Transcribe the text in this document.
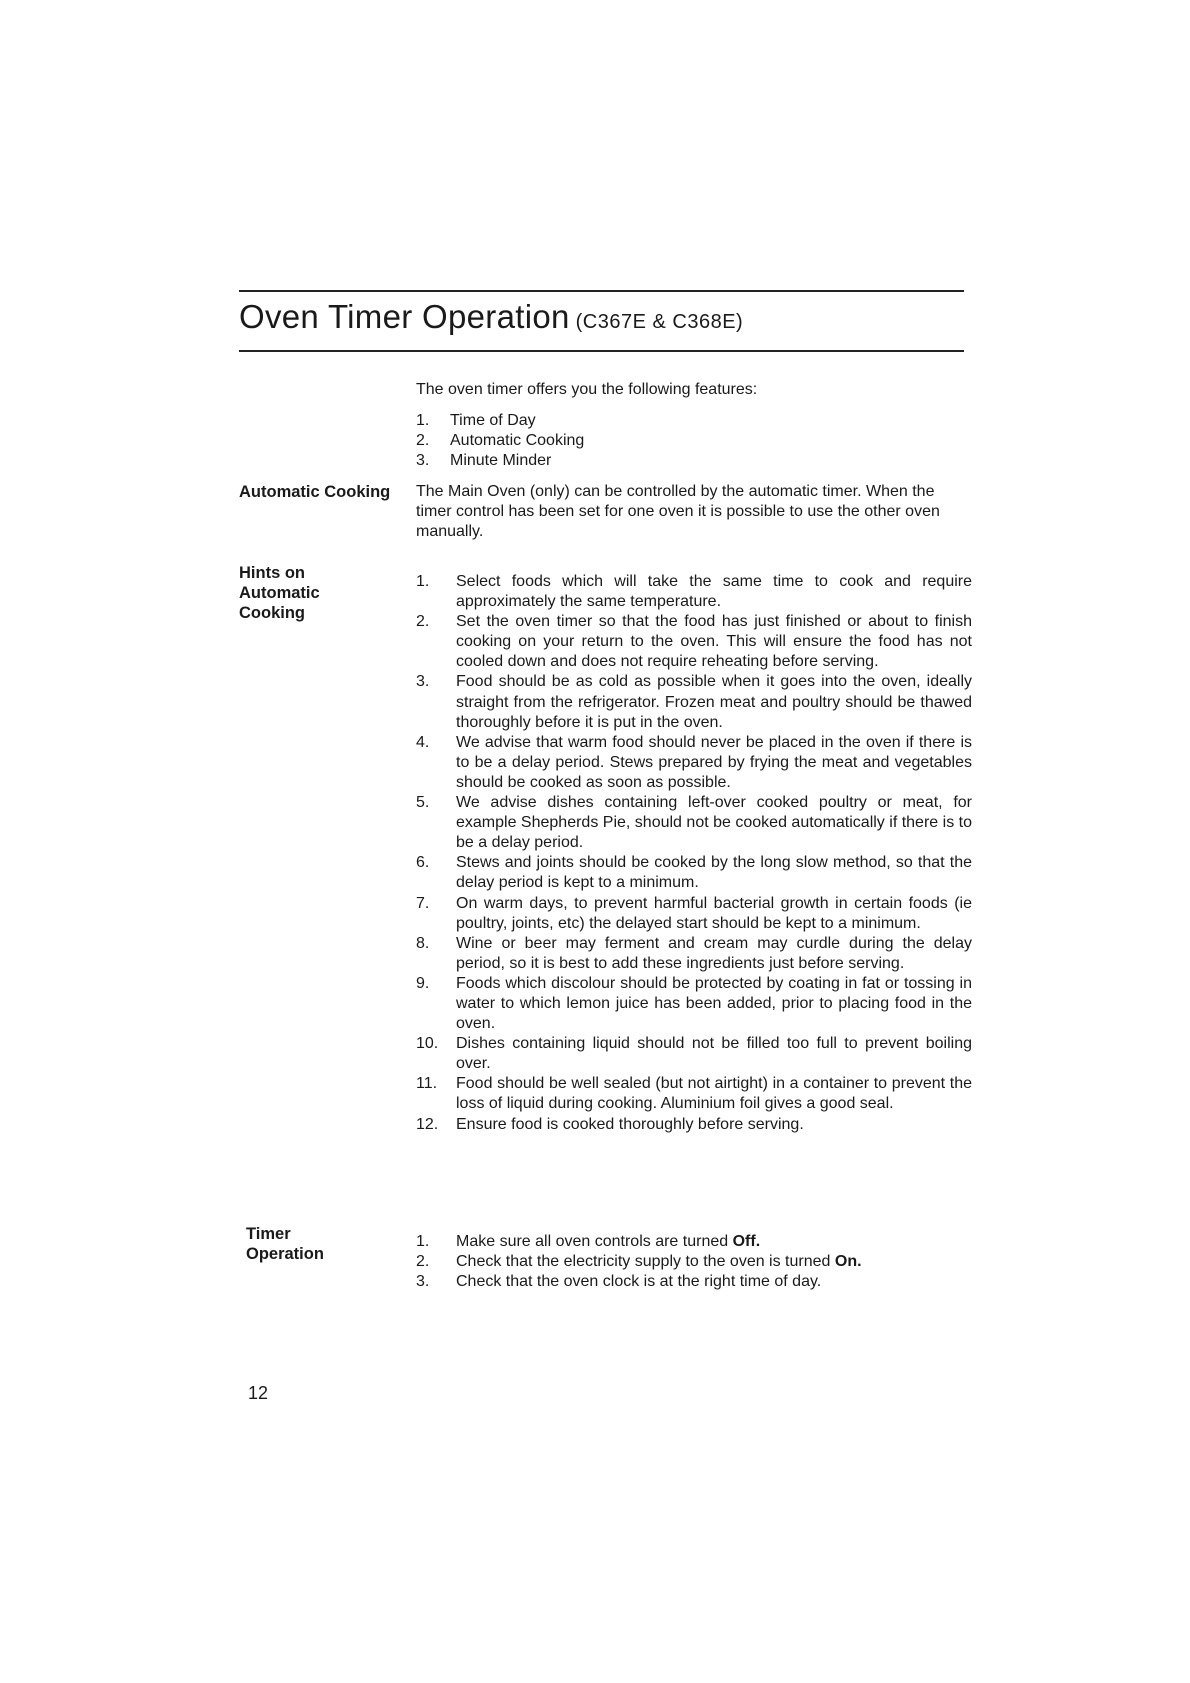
Oven Timer Operation (C367E & C368E)
The oven timer offers you the following features:
1.	Time of Day
2.	Automatic Cooking
3.	Minute Minder
Automatic Cooking	The Main Oven (only) can be controlled by the automatic timer. When the timer control has been set for one oven it is possible to use the other oven manually.
Hints on Automatic Cooking
1.	Select foods which will take the same time to cook and require approximately the same temperature.
2.	Set the oven timer so that the food has just finished or about to finish cooking on your return to the oven. This will ensure the food has not cooled down and does not require reheating before serving.
3.	Food should be as cold as possible when it goes into the oven, ideally straight from the refrigerator. Frozen meat and poultry should be thawed thoroughly before it is put in the oven.
4.	We advise that warm food should never be placed in the oven if there is to be a delay period. Stews prepared by frying the meat and vegetables should be cooked as soon as possible.
5.	We advise dishes containing left-over cooked poultry or meat, for example Shepherds Pie, should not be cooked automatically if there is to be a delay period.
6.	Stews and joints should be cooked by the long slow method, so that the delay period is kept to a minimum.
7.	On warm days, to prevent harmful bacterial growth in certain foods (ie poultry, joints, etc) the delayed start should be kept to a minimum.
8.	Wine or beer may ferment and cream may curdle during the delay period, so it is best to add these ingredients just before serving.
9.	Foods which discolour should be protected by coating in fat or tossing in water to which lemon juice has been added, prior to placing food in the oven.
10.	Dishes containing liquid should not be filled too full to prevent boiling over.
11.	Food should be well sealed (but not airtight) in a container to prevent the loss of liquid during cooking. Aluminium foil gives a good seal.
12.	Ensure food is cooked thoroughly before serving.
Timer Operation
1.	Make sure all oven controls are turned Off.
2.	Check that the electricity supply to the oven is turned On.
3.	Check that the oven clock is at the right time of day.
12
